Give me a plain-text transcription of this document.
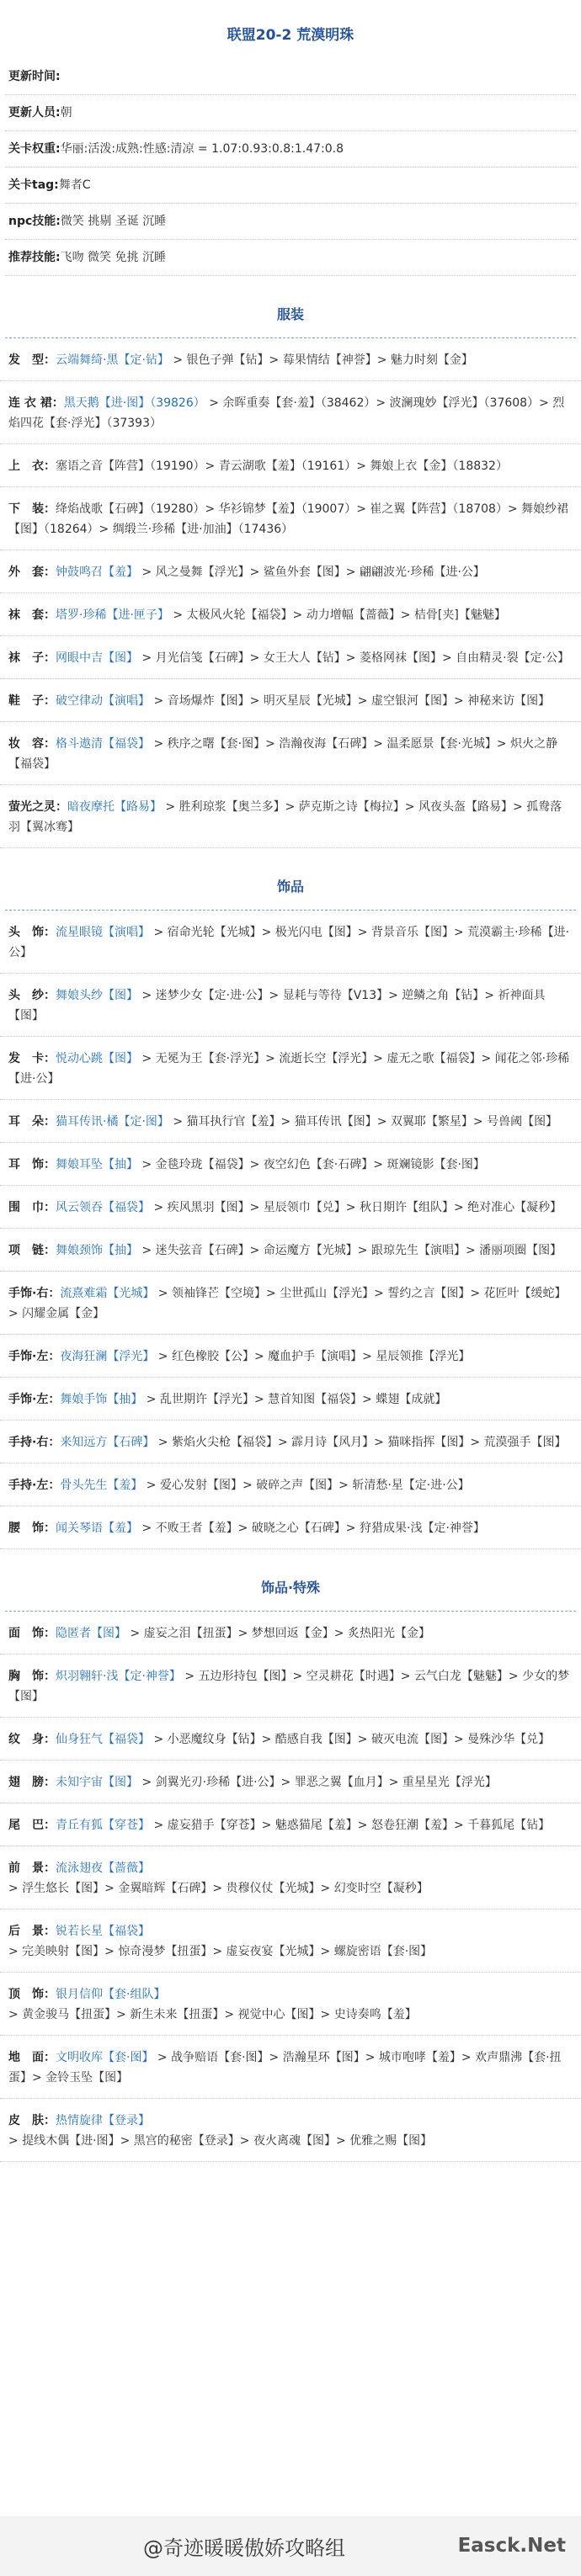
联盟20-2 荒漠明珠
更新时间:
更新人员:朝
关卡权重:华丽:活泼:成熟:性感:清凉 = 1.07:0.93:0.8:1.47:0.8
关卡tag:舞者C
npc技能:微笑 挑剔 圣诞 沉睡
推荐技能:飞吻 微笑 免挑 沉睡
服装
发　型：云端舞绮·黑【定·钻】 > 银色子弹【钻】> 莓果情结【神誉】> 魅力时刻【金】
连 衣 裙：黑天鹅【进·图】（39826） > 余晖重奏【套·羞】（38462）> 波澜瑰妙【浮光】（37608）> 烈焰四花【套·浮光】（37393）
上　衣：塞语之音【阵营】（19190）> 青云湖歌【羞】（19161）> 舞娘上衣【金】（18832）
下　装：绛焰战歌【石碑】（19280）> 华衫锦梦【羞】（19007）> 崔之翼【阵营】（18708）> 舞娘纱裙【图】（18264）> 绸缎兰·珍稀【进·加油】（17436）
外　套：钟鼓鸣召【羞】 > 风之曼舞【浮光】> 鲨鱼外套【图】> 翩翩波光·珍稀【进·公】
袜　套：塔罗·珍稀【进·匣子】 > 太极风火轮【福袋】> 动力增幅【蔷薇】> 桔骨[夹]【魅魅】
袜　子：网眼中吉【图】 > 月光信笺【石碑】> 女王大人【钻】> 菱格网袜【图】> 自由精灵·裂【定·公】
鞋　子：破空律动【演唱】 > 音场爆炸【图】> 明灭星辰【光城】> 虚空银河【图】> 神秘来访【图】
妆　容：格斗遨清【福袋】 > 秩序之曙【套·图】> 浩瀚夜海【石碑】> 温柔愿景【套·光城】> 炽火之静【福袋】
萤光之灵：暗夜摩托【路易】 > 胜利琼浆【奥兰多】> 萨克斯之诗【梅拉】> 风夜头盔【路易】> 孤鸯落羽【翼冰骞】
饰品
头　饰：流星眼镜【演唱】 > 宿命光轮【光城】> 极光闪电【图】> 背景音乐【图】> 荒漠霸主·珍稀【进·公】
头　纱：舞娘头纱【图】 > 迷梦少女【定·进·公】> 显耗与等待【V13】> 逆鳞之角【钻】> 祈神面具【图】
发　卡：悦动心跳【图】 > 无冕为王【套·浮光】> 流逝长空【浮光】> 虚无之歌【福袋】> 闻花之邻·珍稀【进·公】
耳　朵：猫耳传讯·橘【定·图】 > 猫耳执行官【羞】> 猫耳传讯【图】> 双翼耶【繁星】> 号兽阈【图】
耳　饰：舞娘耳坠【抽】 > 金毯玲珑【福袋】> 夜空幻色【套·石碑】> 斑斓镜影【套·图】
围　巾：风云领吞【福袋】 > 疾风黑羽【图】> 星辰领巾【兑】> 秋日期许【组队】> 绝对准心【凝秒】
项　链：舞娘颈饰【抽】 > 迷失弦音【石碑】> 命运魔方【光城】> 跟琼先生【演唱】> 潘丽项圈【图】
手饰·右：流熹难霜【光城】 > 领袖锋芒【空境】> 尘世孤山【浮光】> 誓约之言【图】> 花匠叶【缓蛇】> 闪耀金属【金】
手饰·左：夜海狂澜【浮光】 > 红色橡胶【公】> 魔血护手【演唱】> 星辰领推【浮光】
手饰·左：舞娘手饰【抽】 > 乱世期许【浮光】> 慧首知图【福袋】> 蝶翅【成就】
手持·右：来知远方【石碑】 > 紫焰火尖枪【福袋】> 霹月诗【风月】> 猫咪指挥【图】> 荒漠强手【图】
手持·左：骨头先生【羞】 > 爱心发射【图】> 破碎之声【图】> 斩清愁·星【定·进·公】
腰　饰：闻关琴语【羞】 > 不败王者【羞】> 破晓之心【石碑】> 狩猎成果·浅【定·神誉】
饰品·特殊
面　饰：隐匿者【图】 > 虚妄之泪【扭蛋】> 梦想回返【金】> 炙热阳光【金】
胸　饰：炽羽翱轩·浅【定·神誉】 > 五边形持包【图】> 空灵耕花【时遇】> 云气白龙【魅魅】> 少女的梦【图】
纹　身：仙身狂气【福袋】 > 小恶魔纹身【钻】> 酷感自我【图】> 破灭电流【图】> 曼殊沙华【兑】
翅　膀：未知宇宙【图】 > 剑翼光刃·珍稀【进·公】> 罪恶之翼【血月】> 重星星光【浮光】
尾　巴：青丘有狐【穿苍】 > 虚妄猎手【穿苍】> 魅惑猫尾【羞】> 怒卷狂潮【羞】> 千暮狐尾【钻】
前　景：流泳翅夜【蔷薇】 > 浮生悠长【图】> 金翼暗辉【石碑】> 贵穆仪仗【光城】> 幻变时空【凝秒】
后　景：锐若长星【福袋】 > 完美映射【图】> 惊奇漫梦【扭蛋】> 虚妄夜宴【光城】> 螺旋密语【套·图】
顶　饰：银月信仰【套·组队】 > 黄金骏马【扭蛋】> 新生未来【扭蛋】> 视觉中心【图】> 史诗奏鸣【羞】
地　面：文明收库【套·图】 > 战争赔语【套·图】> 浩瀚星环【图】> 城市咆哮【羞】> 欢声鼎沸【套·扭蛋】> 金铃玉坠【图】
皮　肤：热情旋律【登录】 > 提线木偶【进·图】> 黑宫的秘密【登录】> 夜火离魂【图】> 优雅之赐【图】
@奇迹暖暖傲娇攻略组	Easck.Net
